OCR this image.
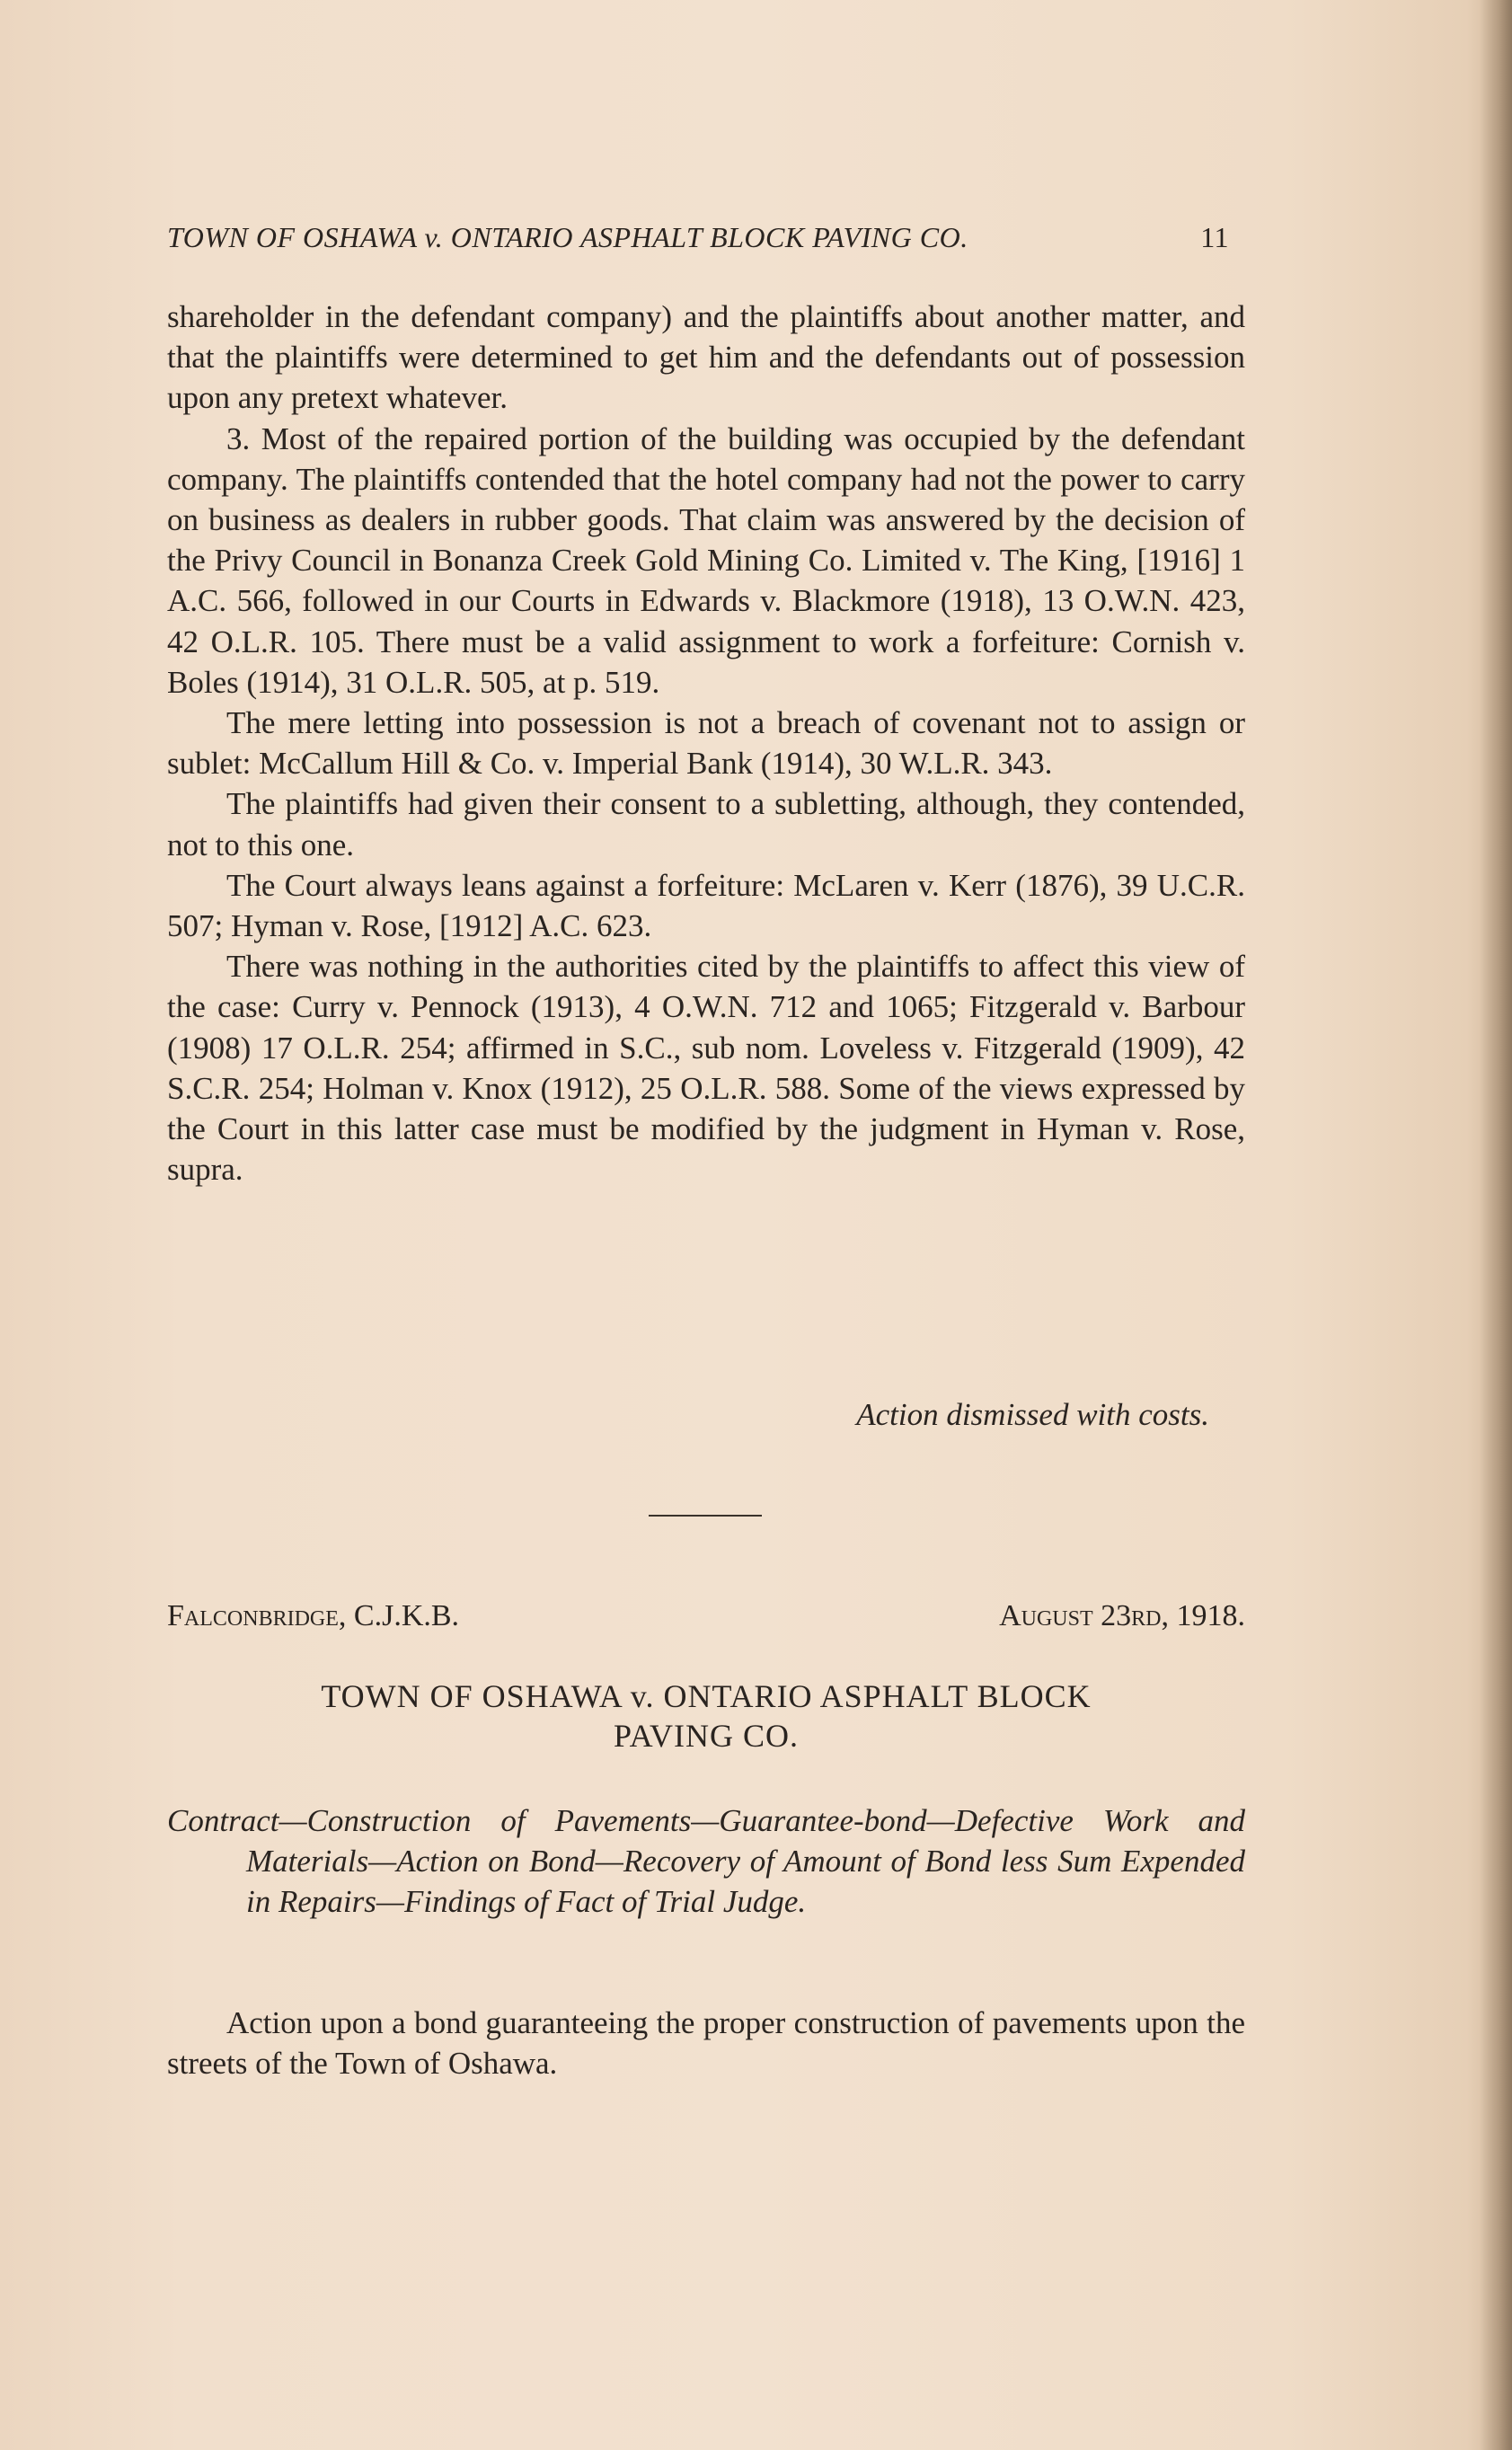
TOWN OF OSHAWA v. ONTARIO ASPHALT BLOCK PAVING CO.	11

shareholder in the defendant company) and the plaintiffs about another matter, and that the plaintiffs were determined to get him and the defendants out of possession upon any pretext whatever.

3. Most of the repaired portion of the building was occupied by the defendant company. The plaintiffs contended that the hotel company had not the power to carry on business as dealers in rubber goods. That claim was answered by the decision of the Privy Council in Bonanza Creek Gold Mining Co. Limited v. The King, [1916] 1 A.C. 566, followed in our Courts in Edwards v. Blackmore (1918), 13 O.W.N. 423, 42 O.L.R. 105. There must be a valid assignment to work a forfeiture: Cornish v. Boles (1914), 31 O.L.R. 505, at p. 519.

The mere letting into possession is not a breach of covenant not to assign or sublet: McCallum Hill & Co. v. Imperial Bank (1914), 30 W.L.R. 343.

The plaintiffs had given their consent to a subletting, although, they contended, not to this one.

The Court always leans against a forfeiture: McLaren v. Kerr (1876), 39 U.C.R. 507; Hyman v. Rose, [1912] A.C. 623.

There was nothing in the authorities cited by the plaintiffs to affect this view of the case: Curry v. Pennock (1913), 4 O.W.N. 712 and 1065; Fitzgerald v. Barbour (1908) 17 O.L.R. 254; affirmed in S.C., sub nom. Loveless v. Fitzgerald (1909), 42 S.C.R. 254; Holman v. Knox (1912), 25 O.L.R. 588. Some of the views expressed by the Court in this latter case must be modified by the judgment in Hyman v. Rose, supra.

Action dismissed with costs.
Falconbridge, C.J.K.B.	August 23rd, 1918.
TOWN OF OSHAWA v. ONTARIO ASPHALT BLOCK
PAVING CO.
Contract—Construction of Pavements—Guarantee-bond—Defective Work and Materials—Action on Bond—Recovery of Amount of Bond less Sum Expended in Repairs—Findings of Fact of Trial Judge.
Action upon a bond guaranteeing the proper construction of pavements upon the streets of the Town of Oshawa.
